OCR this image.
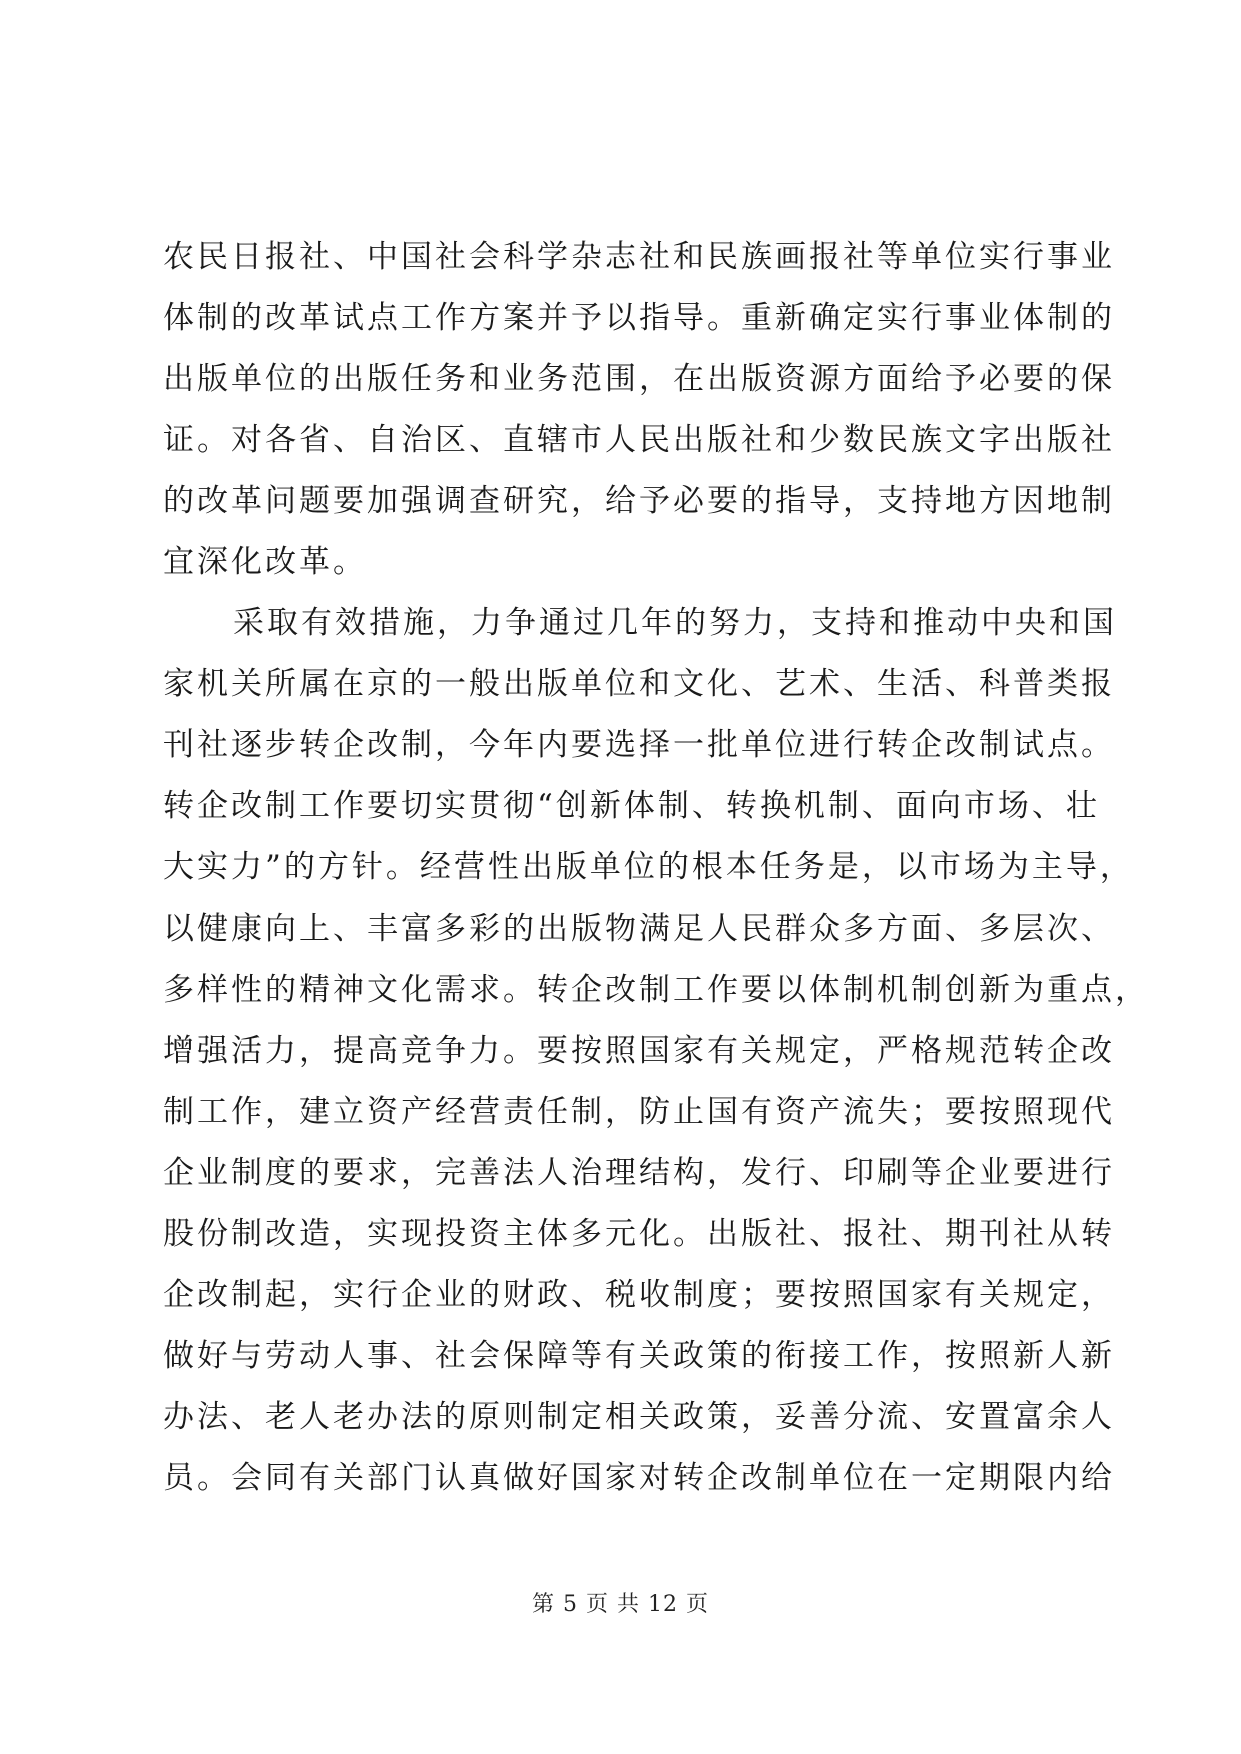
农民日报社、中国社会科学杂志社和民族画报社等单位实行事业
体制的改革试点工作方案并予以指导。重新确定实行事业体制的
出版单位的出版任务和业务范围，在出版资源方面给予必要的保
证。对各省、自治区、直辖市人民出版社和少数民族文字出版社
的改革问题要加强调查研究，给予必要的指导，支持地方因地制
宜深化改革。
采取有效措施，力争通过几年的努力，支持和推动中央和国
家机关所属在京的一般出版单位和文化、艺术、生活、科普类报
刊社逐步转企改制，今年内要选择一批单位进行转企改制试点。
转企改制工作要切实贯彻“创新体制、转换机制、面向市场、壮
大实力”的方针。经营性出版单位的根本任务是，以市场为主导，
以健康向上、丰富多彩的出版物满足人民群众多方面、多层次、
多样性的精神文化需求。转企改制工作要以体制机制创新为重点，
增强活力，提高竞争力。要按照国家有关规定，严格规范转企改
制工作，建立资产经营责任制，防止国有资产流失；要按照现代
企业制度的要求，完善法人治理结构，发行、印刷等企业要进行
股份制改造，实现投资主体多元化。出版社、报社、期刊社从转
企改制起，实行企业的财政、税收制度；要按照国家有关规定，
做好与劳动人事、社会保障等有关政策的衔接工作，按照新人新
办法、老人老办法的原则制定相关政策，妥善分流、安置富余人
员。会同有关部门认真做好国家对转企改制单位在一定期限内给
第 5 页 共 12 页
